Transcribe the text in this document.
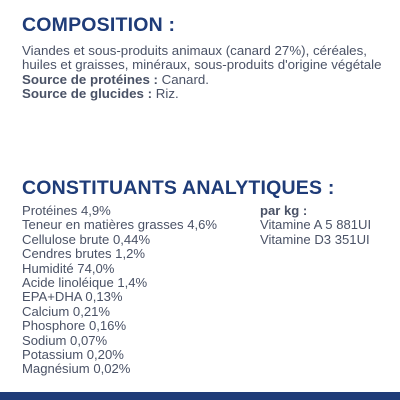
COMPOSITION :

Viandes et sous-produits animaux (canard 27%), céréales, huiles et graisses, minéraux, sous-produits d'origine végétale

Source de protéines : Canard.

Source de glucides : Riz.

CONSTITUANTS ANALYTIQUES :
Protéines 4,9%
Teneur en matières grasses 4,6%
Cellulose brute 0,44%
Cendres brutes 1,2%
Humidité 74,0%
Acide linoléique 1,4%
EPA+DHA 0,13%
Calcium 0,21%
Phosphore 0,16%
Sodium 0,07%
Potassium 0,20%
Magnésium 0,02%
par kg :
Vitamine A 5 881UI
Vitamine D3 351UI
